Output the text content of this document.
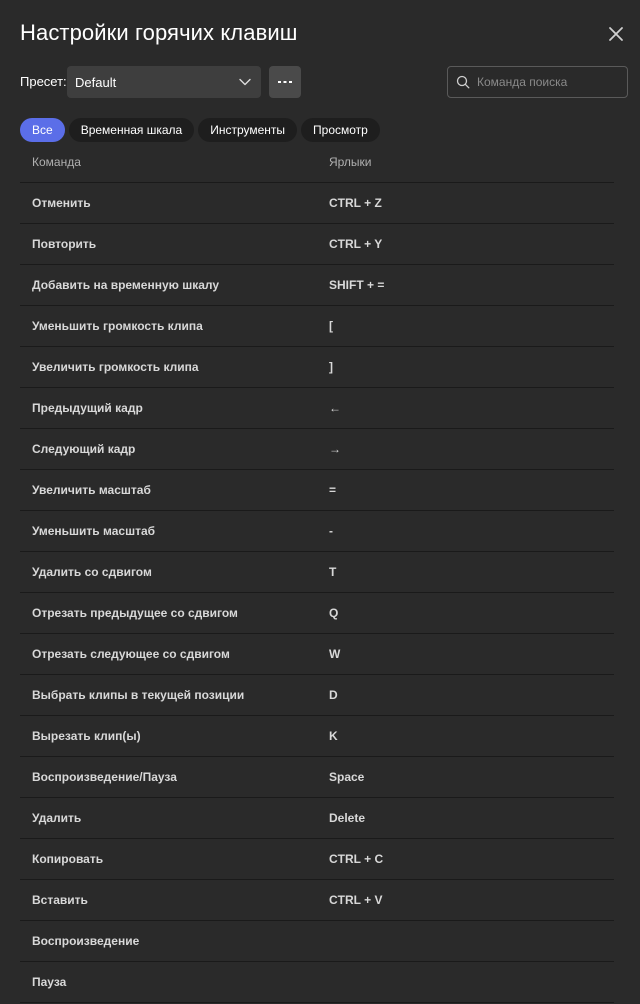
Настройки горячих клавиш
Пресет: Default
Команда поиска
Все	Временная шкала	Инструменты	Просмотр
Команда	Ярлыки
Отменить	CTRL + Z
Повторить	CTRL + Y
Добавить на временную шкалу	SHIFT + =
Уменьшить громкость клипа	[
Увеличить громкость клипа	]
Предыдущий кадр	←
Следующий кадр	→
Увеличить масштаб	=
Уменьшить масштаб	-
Удалить со сдвигом	T
Отрезать предыдущее со сдвигом	Q
Отрезать следующее со сдвигом	W
Выбрать клипы в текущей позиции	D
Вырезать клип(ы)	K
Воспроизведение/Пауза	Space
Удалить	Delete
Копировать	CTRL + C
Вставить	CTRL + V
Воспроизведение
Пауза
